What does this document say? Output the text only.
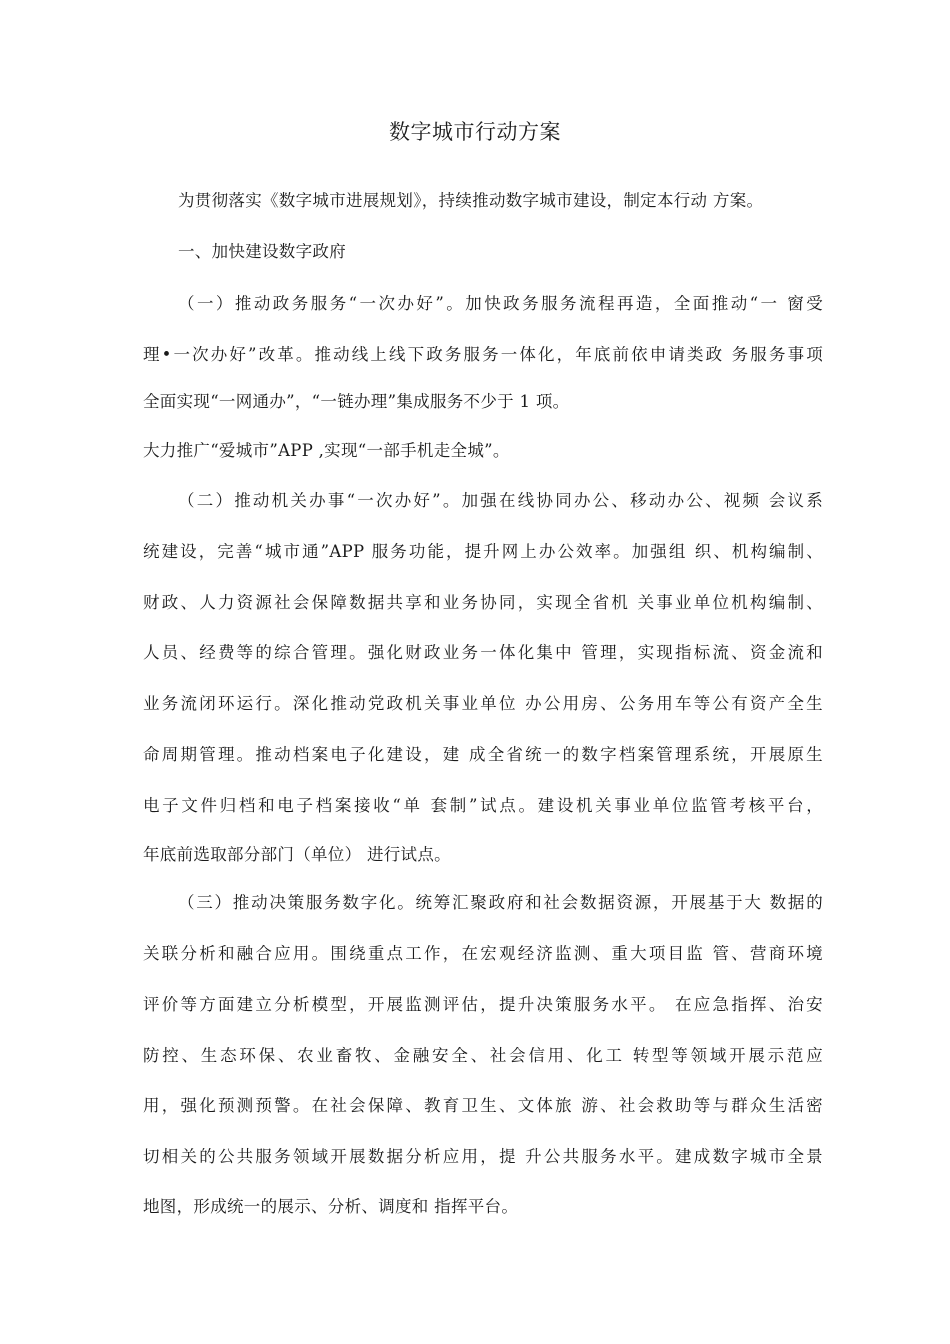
数字城市行动方案
为贯彻落实《数字城市进展规划》，持续推动数字城市建设，制定本行动 方案。
一、加快建设数字政府
（一）推动政务服务“一次办好”。加快政务服务流程再造，全面推动“一 窗受
理•一次办好”改革。推动线上线下政务服务一体化，年底前依申请类政 务服务事项
全面实现“一网通办”，“一链办理”集成服务不少于 1 项。
大力推广“爱城市”APP ,实现“一部手机走全城”。
（二）推动机关办事“一次办好”。加强在线协同办公、移动办公、视频 会议系
统建设，完善“城市通”APP 服务功能，提升网上办公效率。加强组 织、机构编制、
财政、人力资源社会保障数据共享和业务协同，实现全省机 关事业单位机构编制、
人员、经费等的综合管理。强化财政业务一体化集中 管理，实现指标流、资金流和
业务流闭环运行。深化推动党政机关事业单位 办公用房、公务用车等公有资产全生
命周期管理。推动档案电子化建设，建 成全省统一的数字档案管理系统，开展原生
电子文件归档和电子档案接收“单 套制”试点。建设机关事业单位监管考核平台，
年底前选取部分部门（单位） 进行试点。
（三）推动决策服务数字化。统筹汇聚政府和社会数据资源，开展基于大 数据的
关联分析和融合应用。围绕重点工作，在宏观经济监测、重大项目监 管、营商环境
评价等方面建立分析模型，开展监测评估，提升决策服务水平。 在应急指挥、治安
防控、生态环保、农业畜牧、金融安全、社会信用、化工 转型等领域开展示范应
用，强化预测预警。在社会保障、教育卫生、文体旅 游、社会救助等与群众生活密
切相关的公共服务领域开展数据分析应用，提 升公共服务水平。建成数字城市全景
地图，形成统一的展示、分析、调度和 指挥平台。
